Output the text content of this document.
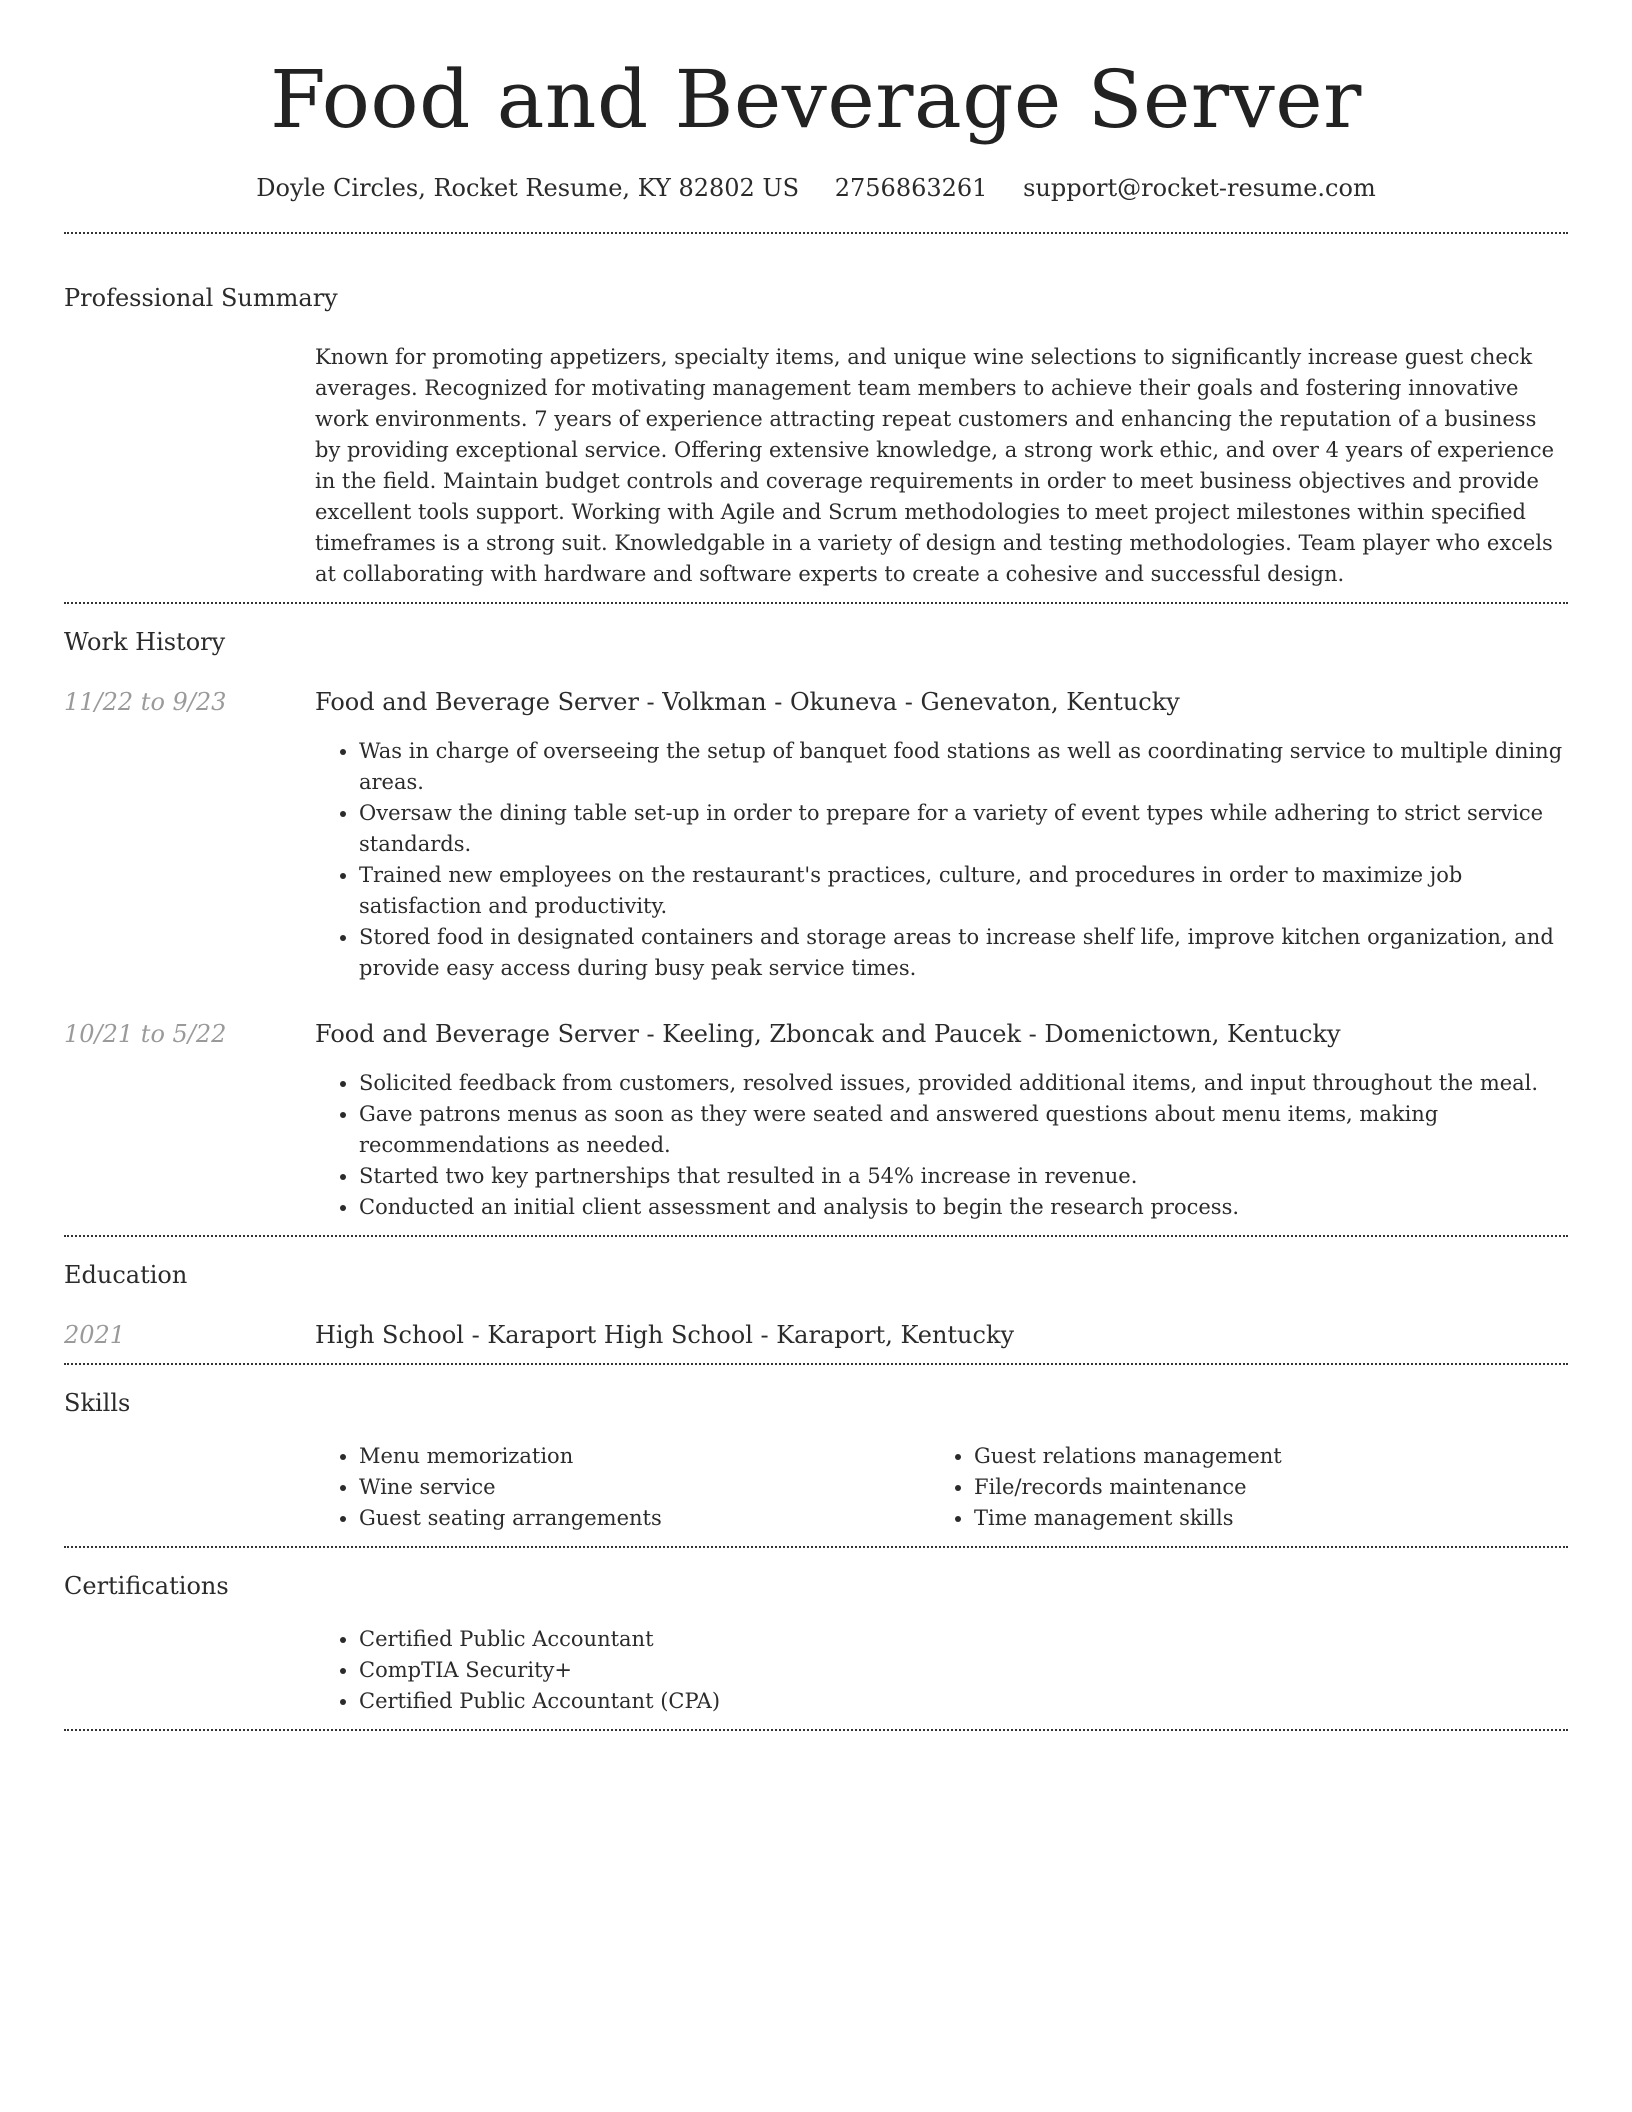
Food and Beverage Server
Doyle Circles, Rocket Resume, KY 82802 US 2756863261 support@rocket-resume.com
Professional Summary

Known for promoting appetizers, specialty items, and unique wine selections to significantly increase guest check averages. Recognized for motivating management team members to achieve their goals and fostering innovative work environments. 7 years of experience attracting repeat customers and enhancing the reputation of a business by providing exceptional service. Offering extensive knowledge, a strong work ethic, and over 4 years of experience in the field. Maintain budget controls and coverage requirements in order to meet business objectives and provide excellent tools support. Working with Agile and Scrum methodologies to meet project milestones within specified timeframes is a strong suit. Knowledgable in a variety of design and testing methodologies. Team player who excels at collaborating with hardware and software experts to create a cohesive and successful design.

Work History
11/22 to 9/23	Food and Beverage Server - Volkman - Okuneva - Genevaton, Kentucky
• Was in charge of overseeing the setup of banquet food stations as well as coordinating service to multiple dining areas.
• Oversaw the dining table set-up in order to prepare for a variety of event types while adhering to strict service standards.
• Trained new employees on the restaurant's practices, culture, and procedures in order to maximize job satisfaction and productivity.
• Stored food in designated containers and storage areas to increase shelf life, improve kitchen organization, and provide easy access during busy peak service times.
10/21 to 5/22	Food and Beverage Server - Keeling, Zboncak and Paucek - Domenictown, Kentucky
• Solicited feedback from customers, resolved issues, provided additional items, and input throughout the meal.
• Gave patrons menus as soon as they were seated and answered questions about menu items, making recommendations as needed.
• Started two key partnerships that resulted in a 54% increase in revenue.
• Conducted an initial client assessment and analysis to begin the research process.
Education
2021	High School - Karaport High School - Karaport, Kentucky
Skills
• Menu memorization
• Wine service
• Guest seating arrangements
• Guest relations management
• File/records maintenance
• Time management skills
Certifications
• Certified Public Accountant
• CompTIA Security+
• Certified Public Accountant (CPA)
